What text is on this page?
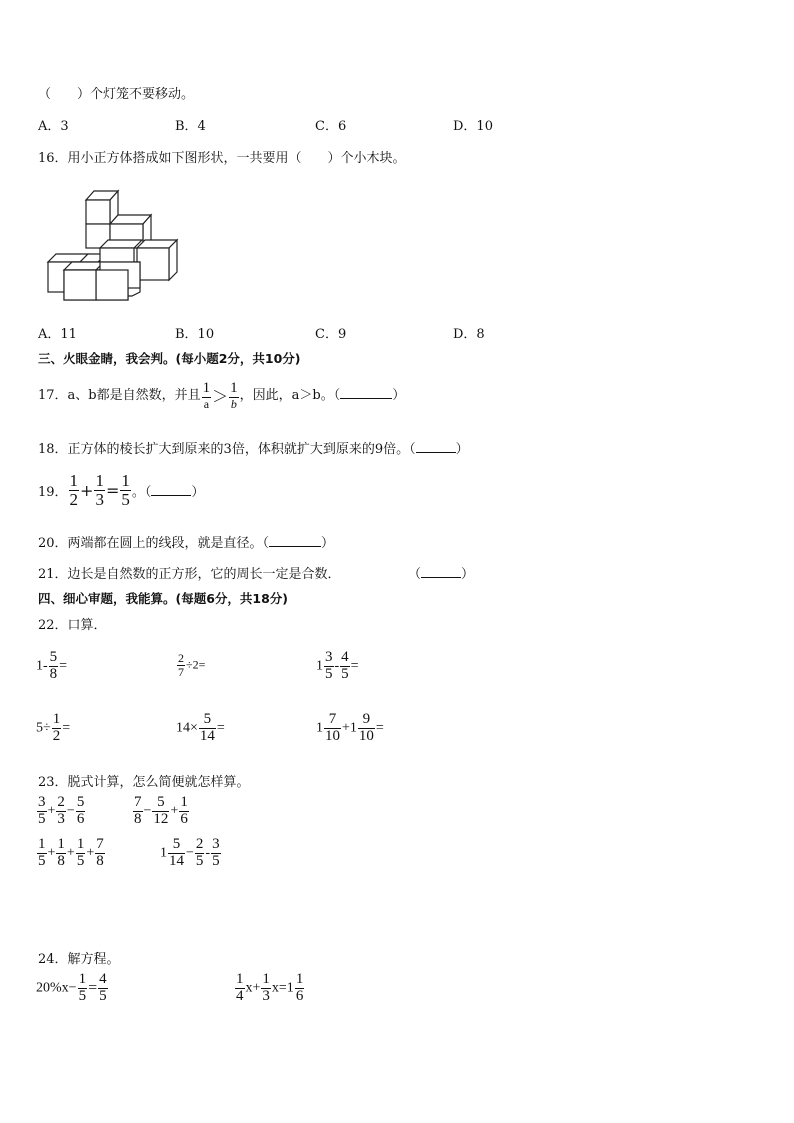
（　　）个灯笼不要移动。
A．3	B．4	C．6	D．10
16．用小正方体搭成如下图形状，一共要用（　　）个小木块。
A．11	B．10	C．9	D．8
三、火眼金睛，我会判。(每小题2分，共10分)
17．a、b都是自然数，并且 $\frac{1}{a} > \frac{1}{b}$ ，因此，a＞b。（	）
18．正方体的棱长扩大到原来的3倍，体积就扩大到原来的9倍。（	）
19． $\frac{1}{2} + \frac{1}{3} = \frac{1}{5}$ 。（	）
20．两端都在圆上的线段，就是直径。（	）
21．边长是自然数的正方形，它的周长一定是合数．	（	）
四、细心审题，我能算。(每题6分，共18分)
22．口算．
$1- \frac{5}{8}$ =	$\frac{2}{7} \div 2=$	$1 \frac{3}{5} - \frac{4}{5}$ =
$5\div \frac{1}{2}$ =	$14\times \frac{5}{14}$ =	$1 \frac{7}{10} +1 \frac{9}{10}$ =
23．脱式计算，怎么简便就怎样算。
$\frac{3}{5} + \frac{2}{3} - \frac{5}{6}$	$\frac{7}{8} - \frac{5}{12} + \frac{1}{6}$
$\frac{1}{5} + \frac{1}{8} + \frac{1}{5} + \frac{7}{8}$	$1 \frac{5}{14} - \frac{2}{5} - \frac{3}{5}$
24．解方程。
$20\%x- \frac{1}{5} = \frac{4}{5}$	$\frac{1}{4} x+ \frac{1}{3} x=1 \frac{1}{6}$
